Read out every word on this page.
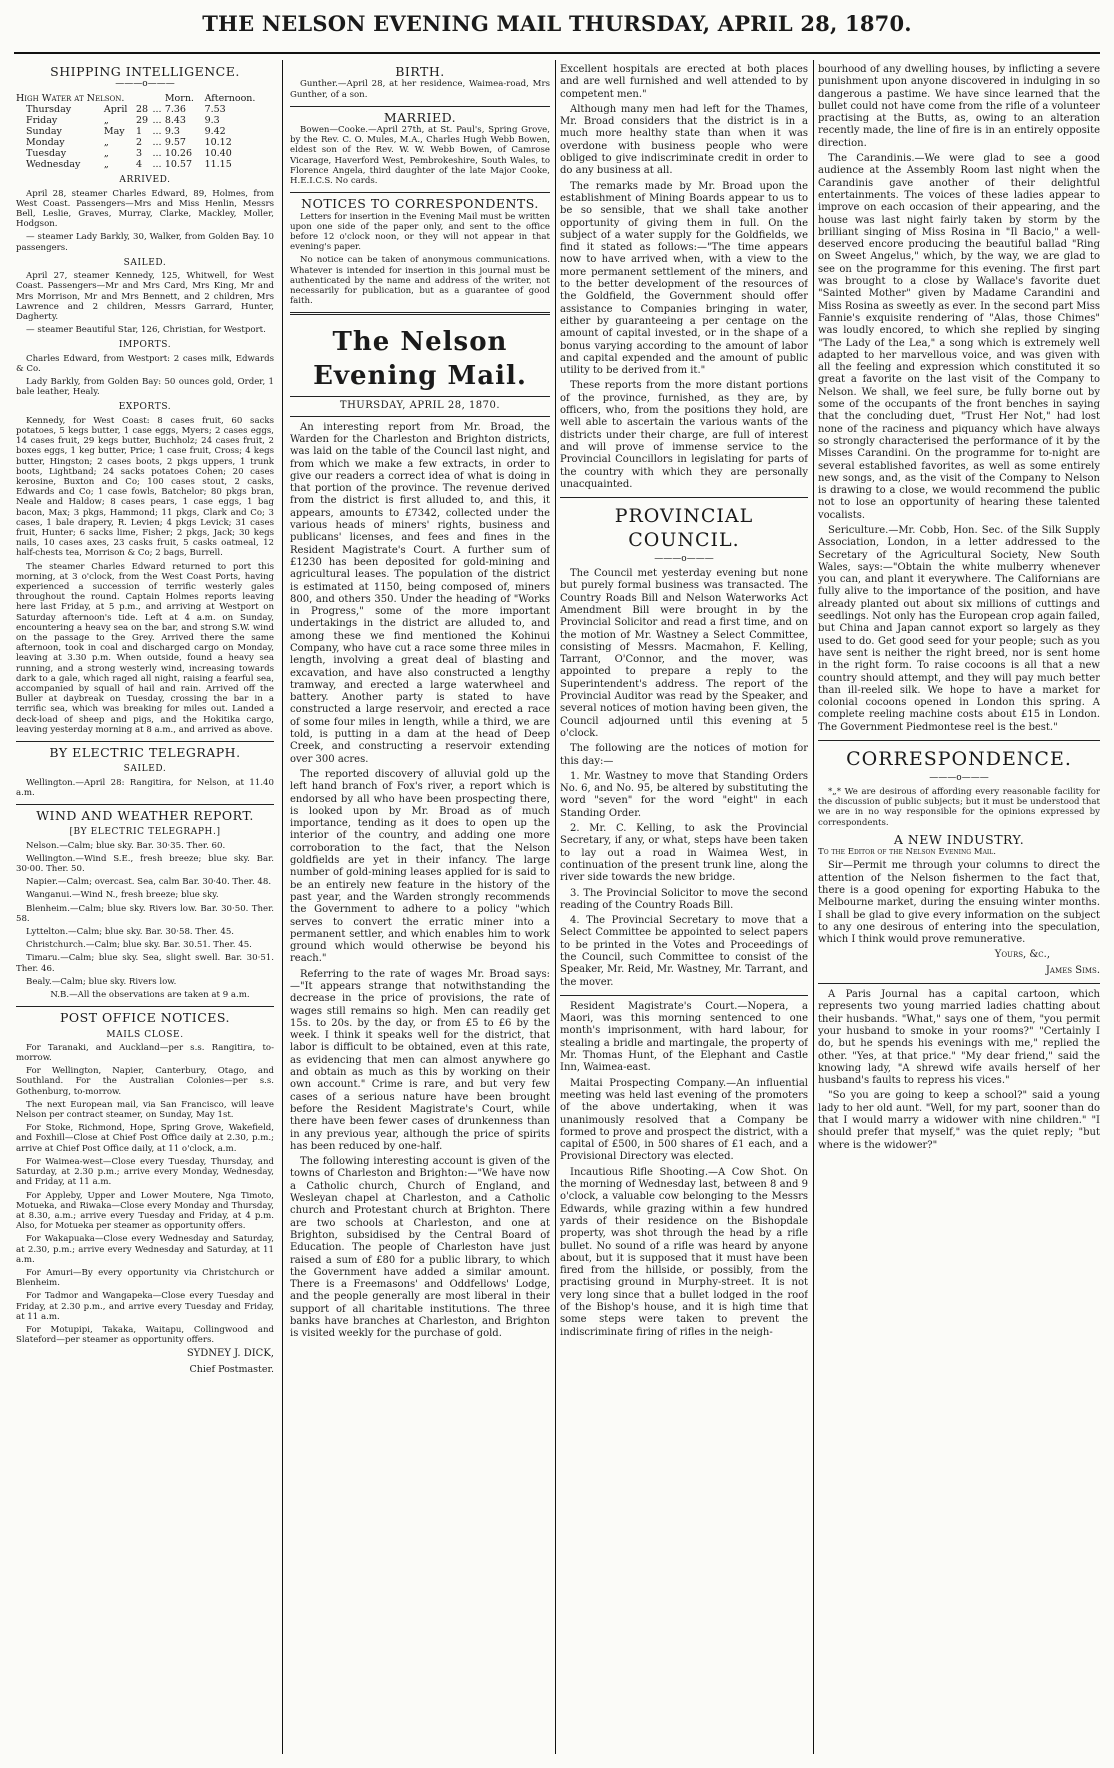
THE NELSON EVENING MAIL THURSDAY, APRIL 28, 1870.
SHIPPING INTELLIGENCE.
———o———
High Water at Nelson.				Morn.	Afternoon.
Thursday	April	28	...	7.36	7.53
Friday	„	29	...	8.43	9.3
Sunday	May	1	...	9.3	9.42
Monday	„	2	...	9.57	10.12
Tuesday	„	3	...	10.26	10.40
Wednesday	„	4	...	10.57	11.15
ARRIVED.

April 28, steamer Charles Edward, 89, Holmes, from West Coast. Passengers—Mrs and Miss Henlin, Messrs Bell, Leslie, Graves, Murray, Clarke, Mackley, Moller, Hodgson.

— steamer Lady Barkly, 30, Walker, from Golden Bay. 10 passengers.

SAILED.

April 27, steamer Kennedy, 125, Whitwell, for West Coast. Passengers—Mr and Mrs Card, Mrs King, Mr and Mrs Morrison, Mr and Mrs Bennett, and 2 children, Mrs Lawrence and 2 children, Messrs Garrard, Hunter, Dagherty.

— steamer Beautiful Star, 126, Christian, for Westport.

IMPORTS.

Charles Edward, from Westport: 2 cases milk, Edwards & Co.

Lady Barkly, from Golden Bay: 50 ounces gold, Order, 1 bale leather, Healy.

EXPORTS.

Kennedy, for West Coast: 8 cases fruit, 60 sacks potatoes, 5 kegs butter, 1 case eggs, Myers; 2 cases eggs, 14 cases fruit, 29 kegs butter, Buchholz; 24 cases fruit, 2 boxes eggs, 1 keg butter, Price; 1 case fruit, Cross; 4 kegs butter, Hingston; 2 cases boots, 2 pkgs uppers, 1 trunk boots, Lightband; 24 sacks potatoes Cohen; 20 cases kerosine, Buxton and Co; 100 cases stout, 2 casks, Edwards and Co; 1 case fowls, Batchelor; 80 pkgs bran, Neale and Haldow; 8 cases pears, 1 case eggs, 1 bag bacon, Max; 3 pkgs, Hammond; 11 pkgs, Clark and Co; 3 cases, 1 bale drapery, R. Levien; 4 pkgs Levick; 31 cases fruit, Hunter; 6 sacks lime, Fisher; 2 pkgs, Jack; 30 kegs nails, 10 cases axes, 23 casks fruit, 5 casks oatmeal, 12 half-chests tea, Morrison & Co; 2 bags, Burrell.

The steamer Charles Edward returned to port this morning, at 3 o'clock, from the West Coast Ports, having experienced a succession of terrific westerly gales throughout the round. Captain Holmes reports leaving here last Friday, at 5 p.m., and arriving at Westport on Saturday afternoon's tide. Left at 4 a.m. on Sunday, encountering a heavy sea on the bar, and strong S.W. wind on the passage to the Grey. Arrived there the same afternoon, took in coal and discharged cargo on Monday, leaving at 3.30 p.m. When outside, found a heavy sea running, and a strong westerly wind, increasing towards dark to a gale, which raged all night, raising a fearful sea, accompanied by squall of hail and rain. Arrived off the Buller at daybreak on Tuesday, crossing the bar in a terrific sea, which was breaking for miles out. Landed a deck-load of sheep and pigs, and the Hokitika cargo, leaving yesterday morning at 8 a.m., and arrived as above.

BY ELECTRIC TELEGRAPH.
SAILED.

Wellington.—April 28: Rangitira, for Nelson, at 11.40 a.m.

WIND AND WEATHER REPORT.
[BY ELECTRIC TELEGRAPH.]

Nelson.—Calm; blue sky. Bar. 30·35. Ther. 60.

Wellington.—Wind S.E., fresh breeze; blue sky. Bar. 30·00. Ther. 50.

Napier.—Calm; overcast. Sea, calm Bar. 30·40. Ther. 48.

Wanganui.—Wind N., fresh breeze; blue sky.

Blenheim.—Calm; blue sky. Rivers low. Bar. 30·50. Ther. 58.

Lyttelton.—Calm; blue sky. Bar. 30·58. Ther. 45.

Christchurch.—Calm; blue sky. Bar. 30.51. Ther. 45.

Timaru.—Calm; blue sky. Sea, slight swell. Bar. 30·51. Ther. 46.

Bealy.—Calm; blue sky. Rivers low.

N.B.—All the observations are taken at 9 a.m.

POST OFFICE NOTICES.
MAILS CLOSE.

For Taranaki, and Auckland—per s.s. Rangitira, to-morrow.

For Wellington, Napier, Canterbury, Otago, and Southland. For the Australian Colonies—per s.s. Gothenburg, to-morrow.

The next European mail, via San Francisco, will leave Nelson per contract steamer, on Sunday, May 1st.

For Stoke, Richmond, Hope, Spring Grove, Wakefield, and Foxhill—Close at Chief Post Office daily at 2.30, p.m.; arrive at Chief Post Office daily, at 11 o'clock, a.m.

For Waimea-west—Close every Tuesday, Thursday, and Saturday, at 2.30 p.m.; arrive every Monday, Wednesday, and Friday, at 11 a.m.

For Appleby, Upper and Lower Moutere, Nga Timoto, Motueka, and Riwaka—Close every Monday and Thursday, at 8.30, a.m.; arrive every Tuesday and Friday, at 4 p.m. Also, for Motueka per steamer as opportunity offers.

For Wakapuaka—Close every Wednesday and Saturday, at 2.30, p.m.; arrive every Wednesday and Saturday, at 11 a.m.

For Amuri—By every opportunity via Christchurch or Blenheim.

For Tadmor and Wangapeka—Close every Tuesday and Friday, at 2.30 p.m., and arrive every Tuesday and Friday, at 11 a.m.

For Motupipi, Takaka, Waitapu, Collingwood and Slateford—per steamer as opportunity offers.

SYDNEY J. DICK,
Chief Postmaster.
BIRTH.

Gunther.—April 28, at her residence, Waimea-road, Mrs Gunther, of a son.

MARRIED.

Bowen—Cooke.—April 27th, at St. Paul's, Spring Grove, by the Rev. C. O. Mules, M.A., Charles Hugh Webb Bowen, eldest son of the Rev. W. W. Webb Bowen, of Camrose Vicarage, Haverford West, Pembrokeshire, South Wales, to Florence Angela, third daughter of the late Major Cooke, H.E.I.C.S. No cards.

NOTICES TO CORRESPONDENTS.

Letters for insertion in the Evening Mail must be written upon one side of the paper only, and sent to the office before 12 o'clock noon, or they will not appear in that evening's paper.

No notice can be taken of anonymous communications. Whatever is intended for insertion in this journal must be authenticated by the name and address of the writer, not necessarily for publication, but as a guarantee of good faith.

The Nelson Evening Mail.
THURSDAY, APRIL 28, 1870.

An interesting report from Mr. Broad, the Warden for the Charleston and Brighton districts, was laid on the table of the Council last night, and from which we make a few extracts, in order to give our readers a correct idea of what is doing in that portion of the province. The revenue derived from the district is first alluded to, and this, it appears, amounts to £7342, collected under the various heads of miners' rights, business and publicans' licenses, and fees and fines in the Resident Magistrate's Court. A further sum of £1230 has been deposited for gold-mining and agricultural leases. The population of the district is estimated at 1150, being composed of, miners 800, and others 350. Under the heading of "Works in Progress," some of the more important undertakings in the district are alluded to, and among these we find mentioned the Kohinui Company, who have cut a race some three miles in length, involving a great deal of blasting and excavation, and have also constructed a lengthy tramway, and erected a large waterwheel and battery. Another party is stated to have constructed a large reservoir, and erected a race of some four miles in length, while a third, we are told, is putting in a dam at the head of Deep Creek, and constructing a reservoir extending over 300 acres.

The reported discovery of alluvial gold up the left hand branch of Fox's river, a report which is endorsed by all who have been prospecting there, is looked upon by Mr. Broad as of much importance, tending as it does to open up the interior of the country, and adding one more corroboration to the fact, that the Nelson goldfields are yet in their infancy. The large number of gold-mining leases applied for is said to be an entirely new feature in the history of the past year, and the Warden strongly recommends the Government to adhere to a policy "which serves to convert the erratic miner into a permanent settler, and which enables him to work ground which would otherwise be beyond his reach."

Referring to the rate of wages Mr. Broad says:—"It appears strange that notwithstanding the decrease in the price of provisions, the rate of wages still remains so high. Men can readily get 15s. to 20s. by the day, or from £5 to £6 by the week. I think it speaks well for the district, that labor is difficult to be obtained, even at this rate, as evidencing that men can almost anywhere go and obtain as much as this by working on their own account." Crime is rare, and but very few cases of a serious nature have been brought before the Resident Magistrate's Court, while there have been fewer cases of drunkenness than in any previous year, although the price of spirits has been reduced by one-half.

The following interesting account is given of the towns of Charleston and Brighton:—"We have now a Catholic church, Church of England, and Wesleyan chapel at Charleston, and a Catholic church and Protestant church at Brighton. There are two schools at Charleston, and one at Brighton, subsidised by the Central Board of Education. The people of Charleston have just raised a sum of £80 for a public library, to which the Government have added a similar amount. There is a Freemasons' and Oddfellows' Lodge, and the people generally are most liberal in their support of all charitable institutions. The three banks have branches at Charleston, and Brighton is visited weekly for the purchase of gold.

Excellent hospitals are erected at both places and are well furnished and well attended to by competent men."

Although many men had left for the Thames, Mr. Broad considers that the district is in a much more healthy state than when it was overdone with business people who were obliged to give indiscriminate credit in order to do any business at all.

The remarks made by Mr. Broad upon the establishment of Mining Boards appear to us to be so sensible, that we shall take another opportunity of giving them in full. On the subject of a water supply for the Goldfields, we find it stated as follows:—"The time appears now to have arrived when, with a view to the more permanent settlement of the miners, and to the better development of the resources of the Goldfield, the Government should offer assistance to Companies bringing in water, either by guaranteeing a per centage on the amount of capital invested, or in the shape of a bonus varying according to the amount of labor and capital expended and the amount of public utility to be derived from it."

These reports from the more distant portions of the province, furnished, as they are, by officers, who, from the positions they hold, are well able to ascertain the various wants of the districts under their charge, are full of interest and will prove of immense service to the Provincial Councillors in legislating for parts of the country with which they are personally unacquainted.

PROVINCIAL COUNCIL.
———o———

The Council met yesterday evening but none but purely formal business was transacted. The Country Roads Bill and Nelson Waterworks Act Amendment Bill were brought in by the Provincial Solicitor and read a first time, and on the motion of Mr. Wastney a Select Committee, consisting of Messrs. Macmahon, F. Kelling, Tarrant, O'Connor, and the mover, was appointed to prepare a reply to the Superintendent's address. The report of the Provincial Auditor was read by the Speaker, and several notices of motion having been given, the Council adjourned until this evening at 5 o'clock.

The following are the notices of motion for this day:—

1. Mr. Wastney to move that Standing Orders No. 6, and No. 95, be altered by substituting the word "seven" for the word "eight" in each Standing Order.

2. Mr. C. Kelling, to ask the Provincial Secretary, if any, or what, steps have been taken to lay out a road in Waimea West, in continuation of the present trunk line, along the river side towards the new bridge.

3. The Provincial Solicitor to move the second reading of the Country Roads Bill.

4. The Provincial Secretary to move that a Select Committee be appointed to select papers to be printed in the Votes and Proceedings of the Council, such Committee to consist of the Speaker, Mr. Reid, Mr. Wastney, Mr. Tarrant, and the mover.

Resident Magistrate's Court.—Nopera, a Maori, was this morning sentenced to one month's imprisonment, with hard labour, for stealing a bridle and martingale, the property of Mr. Thomas Hunt, of the Elephant and Castle Inn, Waimea-east.

Maitai Prospecting Company.—An influential meeting was held last evening of the promoters of the above undertaking, when it was unanimously resolved that a Company be formed to prove and prospect the district, with a capital of £500, in 500 shares of £1 each, and a Provisional Directory was elected.

Incautious Rifle Shooting.—A Cow Shot. On the morning of Wednesday last, between 8 and 9 o'clock, a valuable cow belonging to the Messrs Edwards, while grazing within a few hundred yards of their residence on the Bishopdale property, was shot through the head by a rifle bullet. No sound of a rifle was heard by anyone about, but it is supposed that it must have been fired from the hillside, or possibly, from the practising ground in Murphy-street. It is not very long since that a bullet lodged in the roof of the Bishop's house, and it is high time that some steps were taken to prevent the indiscriminate firing of rifles in the neigh-

bourhood of any dwelling houses, by inflicting a severe punishment upon anyone discovered in indulging in so dangerous a pastime. We have since learned that the bullet could not have come from the rifle of a volunteer practising at the Butts, as, owing to an alteration recently made, the line of fire is in an entirely opposite direction.

The Carandinis.—We were glad to see a good audience at the Assembly Room last night when the Carandinis gave another of their delightful entertainments. The voices of these ladies appear to improve on each occasion of their appearing, and the house was last night fairly taken by storm by the brilliant singing of Miss Rosina in "Il Bacio," a well-deserved encore producing the beautiful ballad "Ring on Sweet Angelus," which, by the way, we are glad to see on the programme for this evening. The first part was brought to a close by Wallace's favorite duet "Sainted Mother" given by Madame Carandini and Miss Rosina as sweetly as ever. In the second part Miss Fannie's exquisite rendering of "Alas, those Chimes" was loudly encored, to which she replied by singing "The Lady of the Lea," a song which is extremely well adapted to her marvellous voice, and was given with all the feeling and expression which constituted it so great a favorite on the last visit of the Company to Nelson. We shall, we feel sure, be fully borne out by some of the occupants of the front benches in saying that the concluding duet, "Trust Her Not," had lost none of the raciness and piquancy which have always so strongly characterised the performance of it by the Misses Carandini. On the programme for to-night are several established favorites, as well as some entirely new songs, and, as the visit of the Company to Nelson is drawing to a close, we would recommend the public not to lose an opportunity of hearing these talented vocalists.

Sericulture.—Mr. Cobb, Hon. Sec. of the Silk Supply Association, London, in a letter addressed to the Secretary of the Agricultural Society, New South Wales, says:—"Obtain the white mulberry whenever you can, and plant it everywhere. The Californians are fully alive to the importance of the position, and have already planted out about six millions of cuttings and seedlings. Not only has the European crop again failed, but China and Japan cannot export so largely as they used to do. Get good seed for your people; such as you have sent is neither the right breed, nor is sent home in the right form. To raise cocoons is all that a new country should attempt, and they will pay much better than ill-reeled silk. We hope to have a market for colonial cocoons opened in London this spring. A complete reeling machine costs about £15 in London. The Government Piedmontese reel is the best."

CORRESPONDENCE.
———o———

*„* We are desirous of affording every reasonable facility for the discussion of public subjects; but it must be understood that we are in no way responsible for the opinions expressed by correspondents.

A NEW INDUSTRY.

To the Editor of the Nelson Evening Mail.

Sir—Permit me through your columns to direct the attention of the Nelson fishermen to the fact that, there is a good opening for exporting Habuka to the Melbourne market, during the ensuing winter months. I shall be glad to give every information on the subject to any one desirous of entering into the speculation, which I think would prove remunerative.

Yours, &c.,
James Sims.

A Paris Journal has a capital cartoon, which represents two young married ladies chatting about their husbands. "What," says one of them, "you permit your husband to smoke in your rooms?" "Certainly I do, but he spends his evenings with me," replied the other. "Yes, at that price." "My dear friend," said the knowing lady, "A shrewd wife avails herself of her husband's faults to repress his vices."

"So you are going to keep a school?" said a young lady to her old aunt. "Well, for my part, sooner than do that I would marry a widower with nine children." "I should prefer that myself," was the quiet reply; "but where is the widower?"
